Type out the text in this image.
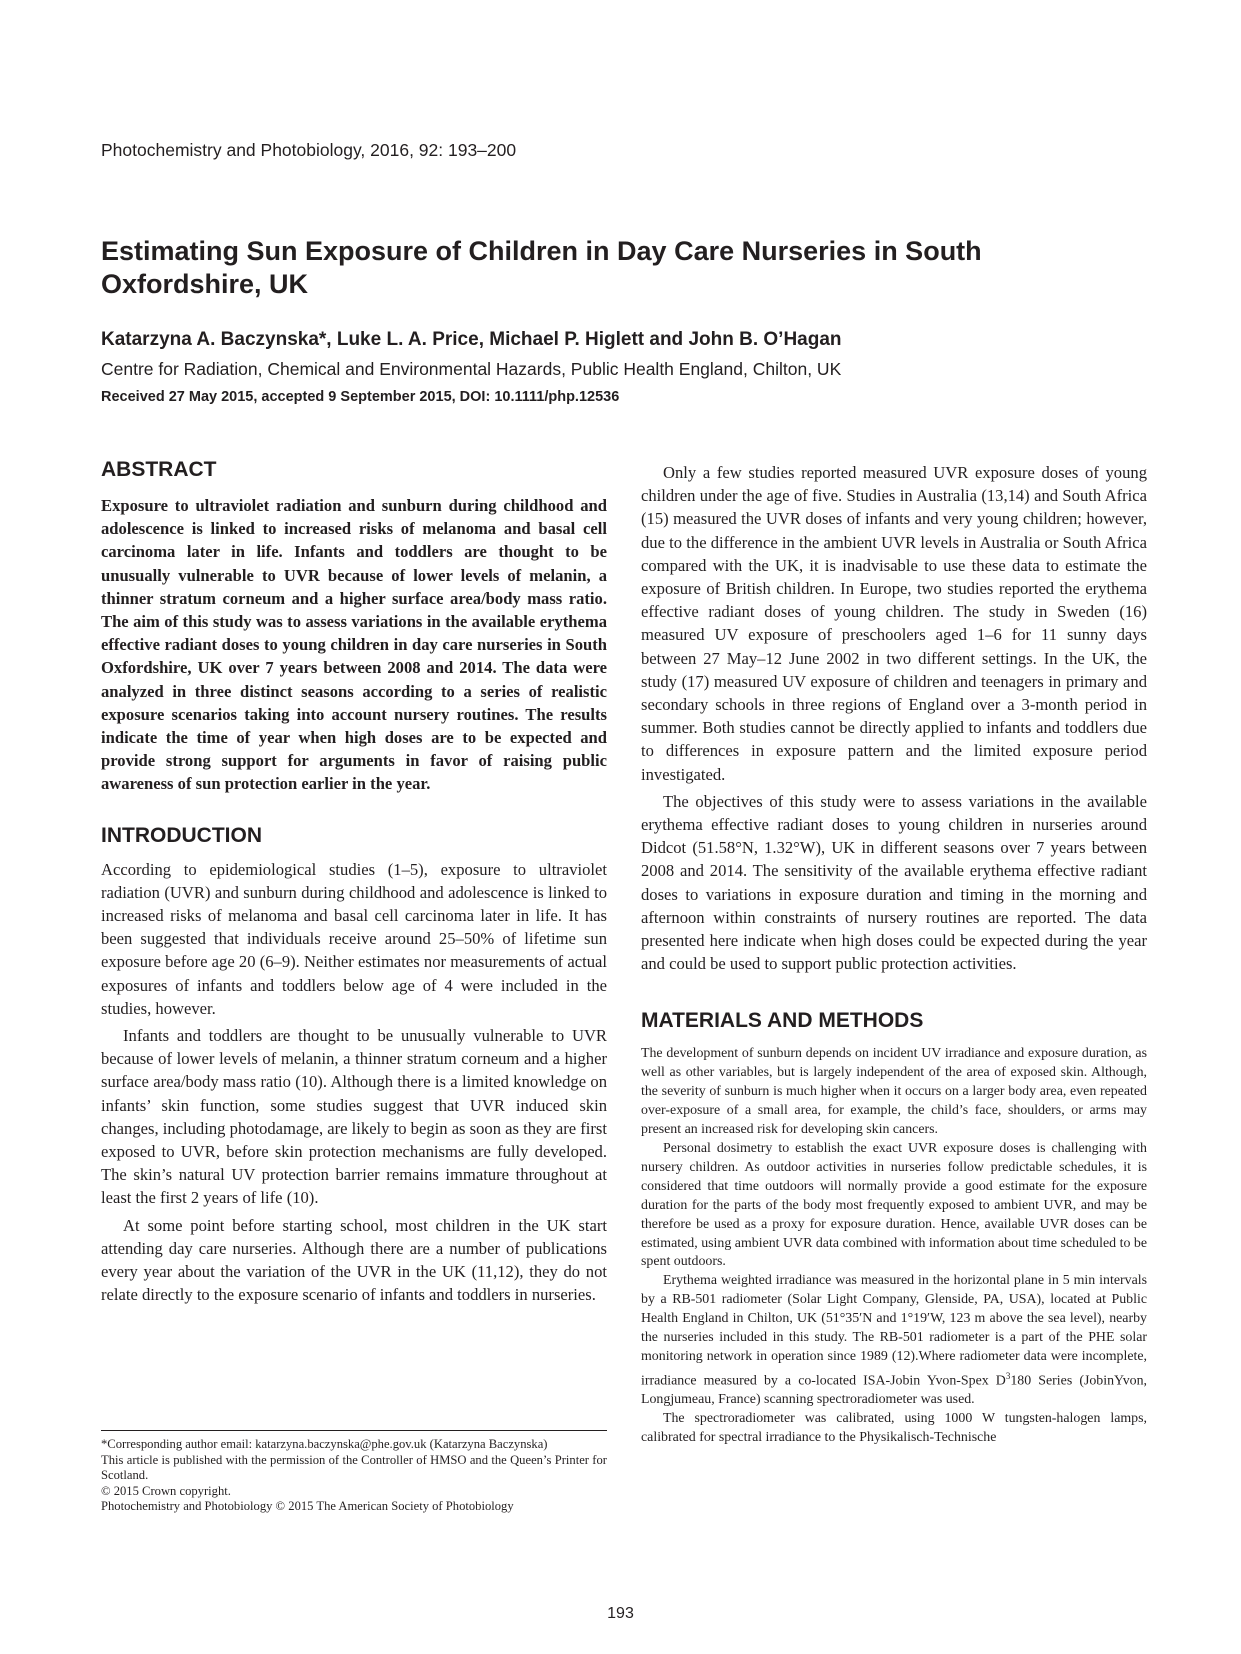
Photochemistry and Photobiology, 2016, 92: 193–200
Estimating Sun Exposure of Children in Day Care Nurseries in South Oxfordshire, UK
Katarzyna A. Baczynska*, Luke L. A. Price, Michael P. Higlett and John B. O’Hagan
Centre for Radiation, Chemical and Environmental Hazards, Public Health England, Chilton, UK
Received 27 May 2015, accepted 9 September 2015, DOI: 10.1111/php.12536
ABSTRACT

Exposure to ultraviolet radiation and sunburn during childhood and adolescence is linked to increased risks of melanoma and basal cell carcinoma later in life. Infants and toddlers are thought to be unusually vulnerable to UVR because of lower levels of melanin, a thinner stratum corneum and a higher surface area/body mass ratio. The aim of this study was to assess variations in the available erythema effective radiant doses to young children in day care nurseries in South Oxfordshire, UK over 7 years between 2008 and 2014. The data were analyzed in three distinct seasons according to a series of realistic exposure scenarios taking into account nursery routines. The results indicate the time of year when high doses are to be expected and provide strong support for arguments in favor of raising public awareness of sun protection earlier in the year.

INTRODUCTION

According to epidemiological studies (1–5), exposure to ultraviolet radiation (UVR) and sunburn during childhood and adolescence is linked to increased risks of melanoma and basal cell carcinoma later in life. It has been suggested that individuals receive around 25–50% of lifetime sun exposure before age 20 (6–9). Neither estimates nor measurements of actual exposures of infants and toddlers below age of 4 were included in the studies, however.

Infants and toddlers are thought to be unusually vulnerable to UVR because of lower levels of melanin, a thinner stratum corneum and a higher surface area/body mass ratio (10). Although there is a limited knowledge on infants’ skin function, some studies suggest that UVR induced skin changes, including photodamage, are likely to begin as soon as they are first exposed to UVR, before skin protection mechanisms are fully developed. The skin’s natural UV protection barrier remains immature throughout at least the first 2 years of life (10).

At some point before starting school, most children in the UK start attending day care nurseries. Although there are a number of publications every year about the variation of the UVR in the UK (11,12), they do not relate directly to the exposure scenario of infants and toddlers in nurseries.

*Corresponding author email: katarzyna.baczynska@phe.gov.uk (Katarzyna Baczynska)

This article is published with the permission of the Controller of HMSO and the Queen’s Printer for Scotland.

© 2015 Crown copyright.

Photochemistry and Photobiology © 2015 The American Society of Photobiology

Only a few studies reported measured UVR exposure doses of young children under the age of five. Studies in Australia (13,14) and South Africa (15) measured the UVR doses of infants and very young children; however, due to the difference in the ambient UVR levels in Australia or South Africa compared with the UK, it is inadvisable to use these data to estimate the exposure of British children. In Europe, two studies reported the erythema effective radiant doses of young children. The study in Sweden (16) measured UV exposure of preschoolers aged 1–6 for 11 sunny days between 27 May–12 June 2002 in two different settings. In the UK, the study (17) measured UV exposure of children and teenagers in primary and secondary schools in three regions of England over a 3-month period in summer. Both studies cannot be directly applied to infants and toddlers due to differences in exposure pattern and the limited exposure period investigated.

The objectives of this study were to assess variations in the available erythema effective radiant doses to young children in nurseries around Didcot (51.58°N, 1.32°W), UK in different seasons over 7 years between 2008 and 2014. The sensitivity of the available erythema effective radiant doses to variations in exposure duration and timing in the morning and afternoon within constraints of nursery routines are reported. The data presented here indicate when high doses could be expected during the year and could be used to support public protection activities.

MATERIALS AND METHODS

The development of sunburn depends on incident UV irradiance and exposure duration, as well as other variables, but is largely independent of the area of exposed skin. Although, the severity of sunburn is much higher when it occurs on a larger body area, even repeated over-exposure of a small area, for example, the child’s face, shoulders, or arms may present an increased risk for developing skin cancers.

Personal dosimetry to establish the exact UVR exposure doses is challenging with nursery children. As outdoor activities in nurseries follow predictable schedules, it is considered that time outdoors will normally provide a good estimate for the exposure duration for the parts of the body most frequently exposed to ambient UVR, and may be therefore be used as a proxy for exposure duration. Hence, available UVR doses can be estimated, using ambient UVR data combined with information about time scheduled to be spent outdoors.

Erythema weighted irradiance was measured in the horizontal plane in 5 min intervals by a RB-501 radiometer (Solar Light Company, Glenside, PA, USA), located at Public Health England in Chilton, UK (51°35′N and 1°19′W, 123 m above the sea level), nearby the nurseries included in this study. The RB-501 radiometer is a part of the PHE solar monitoring network in operation since 1989 (12).Where radiometer data were incomplete, irradiance measured by a co-located ISA-Jobin Yvon-Spex $D^3180$ Series (JobinYvon, Longjumeau, France) scanning spectroradiometer was used.

The spectroradiometer was calibrated, using 1000 W tungsten-halogen lamps, calibrated for spectral irradiance to the Physikalisch-Technische

193
